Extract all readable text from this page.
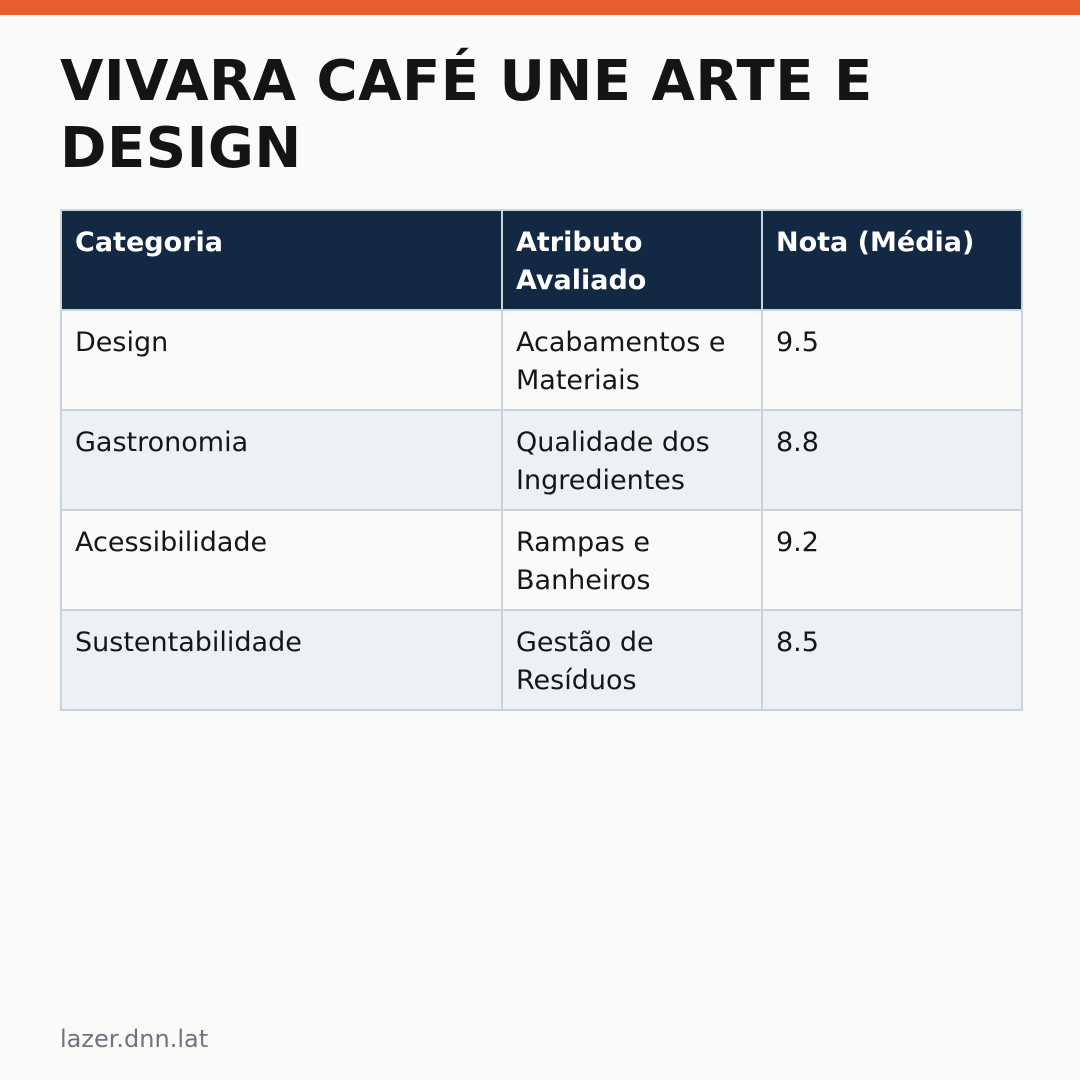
VIVARA CAFÉ UNE ARTE E DESIGN
Categoria	Atributo Avaliado	Nota (Média)
Design	Acabamentos e Materiais	9.5
Gastronomia	Qualidade dos Ingredientes	8.8
Acessibilidade	Rampas e Banheiros	9.2
Sustentabilidade	Gestão de Resíduos	8.5
lazer.dnn.lat
